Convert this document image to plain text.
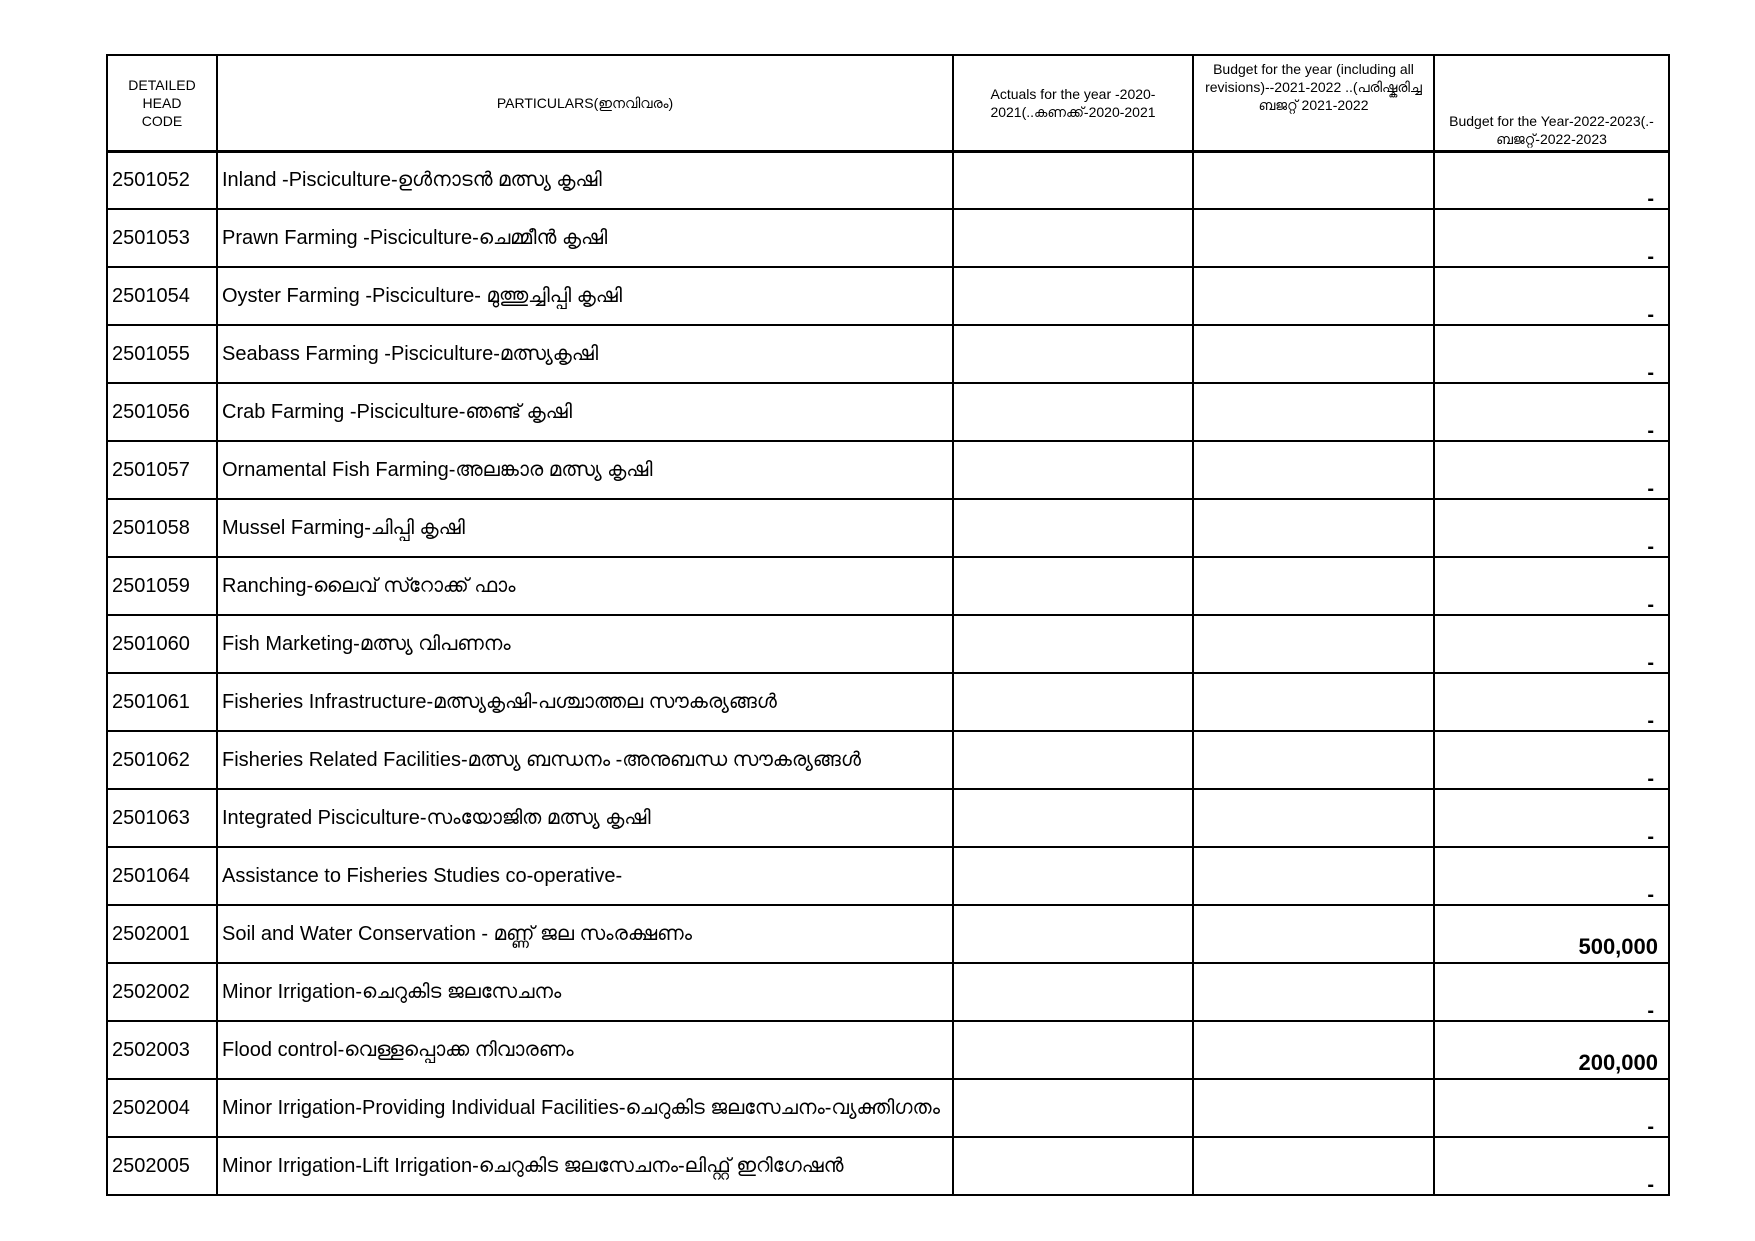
DETAILED HEAD CODE	PARTICULARS(ഇനവിവരം)	Actuals for the year -2020-2021(..കണക്ക്-2020-2021	Budget for the year (including all revisions)--2021-2022 ..(പരിഷ്കരിച്ച ബജറ്റ് 2021-2022	Budget for the Year-2022-2023(.-ബജറ്റ്-2022-2023
2501052	Inland -Pisciculture-ഉൾനാടൻ മത്സ്യ കൃഷി			-
2501053	Prawn Farming -Pisciculture-ചെമ്മീൻ കൃഷി			-
2501054	Oyster Farming -Pisciculture- മുത്തുച്ചിപ്പി കൃഷി			-
2501055	Seabass Farming -Pisciculture-മത്സ്യകൃഷി			-
2501056	Crab Farming -Pisciculture-ഞണ്ട് കൃഷി			-
2501057	Ornamental Fish Farming-അലങ്കാര മത്സ്യ കൃഷി			-
2501058	Mussel Farming-ചിപ്പി കൃഷി			-
2501059	Ranching-ലൈവ് സ്റോക്ക് ഫാം			-
2501060	Fish Marketing-മത്സ്യ വിപണനം			-
2501061	Fisheries Infrastructure-മത്സ്യകൃഷി-പശ്ചാത്തല സൗകര്യങ്ങൾ			-
2501062	Fisheries Related Facilities-മത്സ്യ ബന്ധനം -അനുബന്ധ സൗകര്യങ്ങൾ			-
2501063	Integrated Pisciculture-സംയോജിത മത്സ്യ കൃഷി			-
2501064	Assistance to Fisheries Studies co-operative-			-
2502001	Soil and Water Conservation - മണ്ണ് ജല സംരക്ഷണം			500,000
2502002	Minor Irrigation-ചെറുകിട ജലസേചനം			-
2502003	Flood control-വെള്ളപ്പൊക്ക നിവാരണം			200,000
2502004	Minor Irrigation-Providing Individual Facilities-ചെറുകിട ജലസേചനം-വ്യക്തിഗതം			-
2502005	Minor Irrigation-Lift Irrigation-ചെറുകിട ജലസേചനം-ലിഫ്റ്റ് ഇറിഗേഷൻ			-
